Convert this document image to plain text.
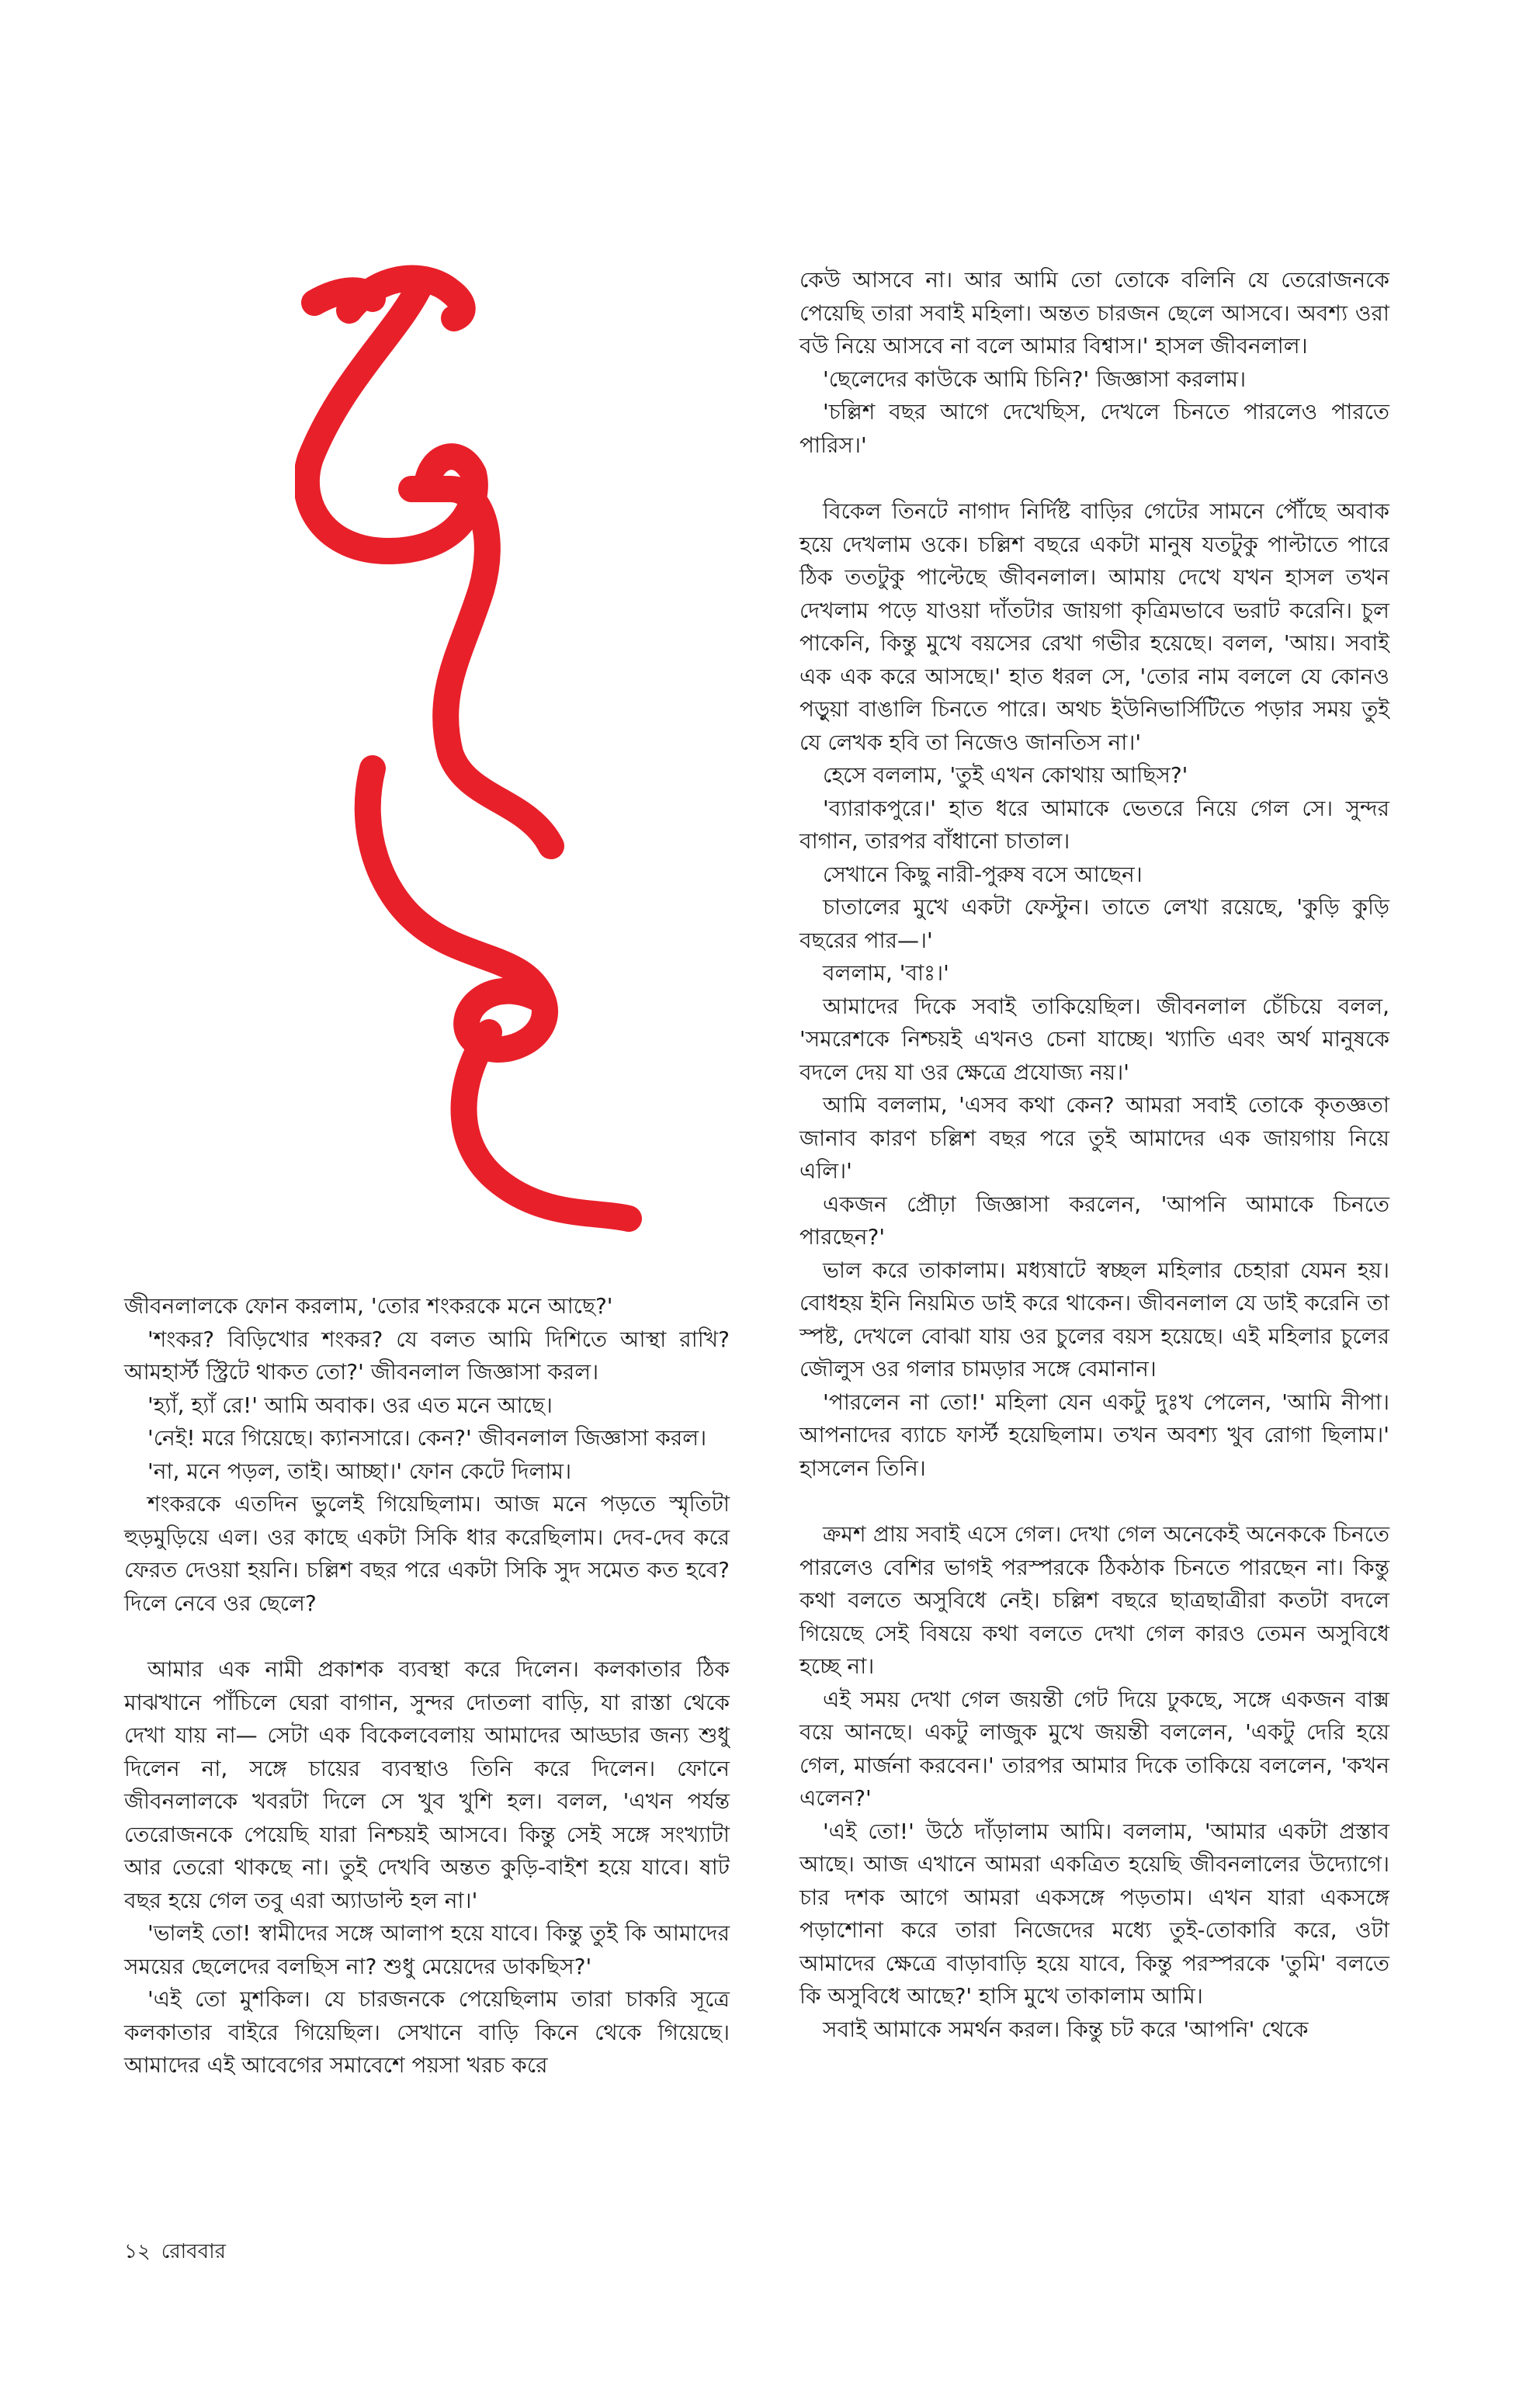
কেউ আসবে না। আর আমি তো তোকে বলিনি যে তেরোজনকে পেয়েছি তারা সবাই মহিলা। অন্তত চারজন ছেলে আসবে। অবশ্য ওরা বউ নিয়ে আসবে না বলে আমার বিশ্বাস।' হাসল জীবনলাল।

'ছেলেদের কাউকে আমি চিনি?' জিজ্ঞাসা করলাম।

'চল্লিশ বছর আগে দেখেছিস, দেখলে চিনতে পারলেও পারতে পারিস।'

বিকেল তিনটে নাগাদ নির্দিষ্ট বাড়ির গেটের সামনে পৌঁছে অবাক হয়ে দেখলাম ওকে। চল্লিশ বছরে একটা মানুষ যতটুকু পাল্টাতে পারে ঠিক ততটুকু পাল্টেছে জীবনলাল। আমায় দেখে যখন হাসল তখন দেখলাম পড়ে যাওয়া দাঁতটার জায়গা কৃত্রিমভাবে ভরাট করেনি। চুল পাকেনি, কিন্তু মুখে বয়সের রেখা গভীর হয়েছে। বলল, 'আয়। সবাই এক এক করে আসছে।' হাত ধরল সে, 'তোর নাম বললে যে কোনও পড়ুয়া বাঙালি চিনতে পারে। অথচ ইউনিভার্সিটিতে পড়ার সময় তুই যে লেখক হবি তা নিজেও জানতিস না।'

হেসে বললাম, 'তুই এখন কোথায় আছিস?'

'ব্যারাকপুরে।' হাত ধরে আমাকে ভেতরে নিয়ে গেল সে। সুন্দর বাগান, তারপর বাঁধানো চাতাল।

সেখানে কিছু নারী-পুরুষ বসে আছেন।

চাতালের মুখে একটা ফেস্টুন। তাতে লেখা রয়েছে, 'কুড়ি কুড়ি বছরের পার—।'

বললাম, 'বাঃ।'

আমাদের দিকে সবাই তাকিয়েছিল। জীবনলাল চেঁচিয়ে বলল, 'সমরেশকে নিশ্চয়ই এখনও চেনা যাচ্ছে। খ্যাতি এবং অর্থ মানুষকে বদলে দেয় যা ওর ক্ষেত্রে প্রযোজ্য নয়।'

আমি বললাম, 'এসব কথা কেন? আমরা সবাই তোকে কৃতজ্ঞতা জানাব কারণ চল্লিশ বছর পরে তুই আমাদের এক জায়গায় নিয়ে এলি।'

একজন প্রৌঢ়া জিজ্ঞাসা করলেন, 'আপনি আমাকে চিনতে পারছেন?'

ভাল করে তাকালাম। মধ্যষাটে স্বচ্ছল মহিলার চেহারা যেমন হয়। বোধহয় ইনি নিয়মিত ডাই করে থাকেন। জীবনলাল যে ডাই করেনি তা স্পষ্ট, দেখলে বোঝা যায় ওর চুলের বয়স হয়েছে। এই মহিলার চুলের জৌলুস ওর গলার চামড়ার সঙ্গে বেমানান।

'পারলেন না তো!' মহিলা যেন একটু দুঃখ পেলেন, 'আমি নীপা। আপনাদের ব্যাচে ফার্স্ট হয়েছিলাম। তখন অবশ্য খুব রোগা ছিলাম।' হাসলেন তিনি।

ক্রমশ প্রায় সবাই এসে গেল। দেখা গেল অনেকেই অনেককে চিনতে পারলেও বেশির ভাগই পরস্পরকে ঠিকঠাক চিনতে পারছেন না। কিন্তু কথা বলতে অসুবিধে নেই। চল্লিশ বছরে ছাত্রছাত্রীরা কতটা বদলে গিয়েছে সেই বিষয়ে কথা বলতে দেখা গেল কারও তেমন অসুবিধে হচ্ছে না।

এই সময় দেখা গেল জয়ন্তী গেট দিয়ে ঢুকছে, সঙ্গে একজন বাক্স বয়ে আনছে। একটু লাজুক মুখে জয়ন্তী বললেন, 'একটু দেরি হয়ে গেল, মার্জনা করবেন।' তারপর আমার দিকে তাকিয়ে বললেন, 'কখন এলেন?'

'এই তো!' উঠে দাঁড়ালাম আমি। বললাম, 'আমার একটা প্রস্তাব আছে। আজ এখানে আমরা একত্রিত হয়েছি জীবনলালের উদ্যোগে। চার দশক আগে আমরা একসঙ্গে পড়তাম। এখন যারা একসঙ্গে পড়াশোনা করে তারা নিজেদের মধ্যে তুই-তোকারি করে, ওটা আমাদের ক্ষেত্রে বাড়াবাড়ি হয়ে যাবে, কিন্তু পরস্পরকে 'তুমি' বলতে কি অসুবিধে আছে?' হাসি মুখে তাকালাম আমি।

সবাই আমাকে সমর্থন করল। কিন্তু চট করে 'আপনি' থেকে

জীবনলালকে ফোন করলাম, 'তোর শংকরকে মনে আছে?'

'শংকর? বিড়িখোর শংকর? যে বলত আমি দিশিতে আস্থা রাখি? আমহার্স্ট স্ট্রিটে থাকত তো?' জীবনলাল জিজ্ঞাসা করল।

'হ্যাঁ, হ্যাঁ রে!' আমি অবাক। ওর এত মনে আছে।

'নেই! মরে গিয়েছে। ক্যানসারে। কেন?' জীবনলাল জিজ্ঞাসা করল।

'না, মনে পড়ল, তাই। আচ্ছা।' ফোন কেটে দিলাম।

শংকরকে এতদিন ভুলেই গিয়েছিলাম। আজ মনে পড়তে স্মৃতিটা হুড়মুড়িয়ে এল। ওর কাছে একটা সিকি ধার করেছিলাম। দেব-দেব করে ফেরত দেওয়া হয়নি। চল্লিশ বছর পরে একটা সিকি সুদ সমেত কত হবে? দিলে নেবে ওর ছেলে?

আমার এক নামী প্রকাশক ব্যবস্থা করে দিলেন। কলকাতার ঠিক মাঝখানে পাঁচিলে ঘেরা বাগান, সুন্দর দোতলা বাড়ি, যা রাস্তা থেকে দেখা যায় না— সেটা এক বিকেলবেলায় আমাদের আড্ডার জন্য শুধু দিলেন না, সঙ্গে চায়ের ব্যবস্থাও তিনি করে দিলেন। ফোনে জীবনলালকে খবরটা দিলে সে খুব খুশি হল। বলল, 'এখন পর্যন্ত তেরোজনকে পেয়েছি যারা নিশ্চয়ই আসবে। কিন্তু সেই সঙ্গে সংখ্যাটা আর তেরো থাকছে না। তুই দেখবি অন্তত কুড়ি-বাইশ হয়ে যাবে। ষাট বছর হয়ে গেল তবু এরা অ্যাডাল্ট হল না।'

'ভালই তো! স্বামীদের সঙ্গে আলাপ হয়ে যাবে। কিন্তু তুই কি আমাদের সময়ের ছেলেদের বলছিস না? শুধু মেয়েদের ডাকছিস?'

'এই তো মুশকিল। যে চারজনকে পেয়েছিলাম তারা চাকরি সূত্রে কলকাতার বাইরে গিয়েছিল। সেখানে বাড়ি কিনে থেকে গিয়েছে। আমাদের এই আবেগের সমাবেশে পয়সা খরচ করে

১২ রোববার
